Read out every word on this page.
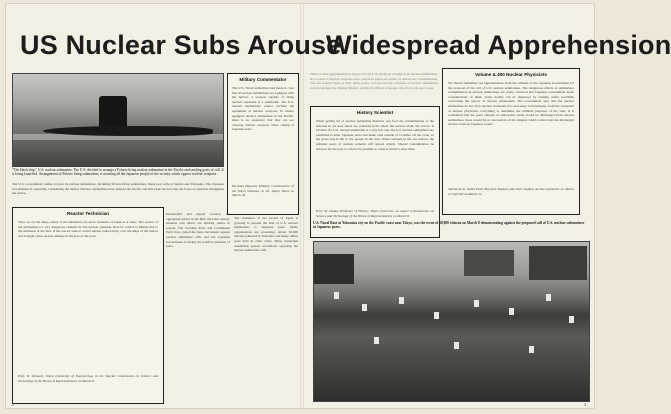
US Nuclear Subs Arouse
Widespread Apprehension
"The black ship," U.S. nuclear submarine. The U.S. decided to arrange a Polaris-firing nuclear submarine in the Pacific and sending ports of call. It is being launched. Arrangement of Polaris-firing submarines is arousing all the Japanese people of the vicinity which oppose nuclear weapons.
The U.S. Government wishes to have its nuclear submarines, including Polaris-firing submarines, make port calls at Sasebo and Yokosuka. The Japanese Government is reportedly considering the matter. Nuclear submarines have entered the Pacific and this issue has become the focus of attention throughout the nation.
Military Commentator
The U.S. Naval authorities had made it clear that all nuclear submarines are equipped with the Subroc, a weapon capable of firing nuclear warheads at a submarine. The U.S. nuclear submarines cannot exclude the equipment of nuclear weapons. To ensure equipped nuclear submarines in the Pacific, there is no assurance that they are not carrying nuclear weapons when calling at Japanese ports.
Kiyosaki Hayashi, Military Commentator of the Tokyo Shimbun, in the Japan Times on March 26.
Reactor Technician
Since we by the ships, safety of the submarine for those residents of Japan is at stake. The reactor of the submarine is a very dangerous element for the nuclear situation. Reactor control is limited due to the thickness of the hull. If the reactor leaks it would release radioactivity over the ships of the harbor and it might cause serious damage in the area of the ports.
Prof. W. Ishiwari, Tokyo University of Engineering, in the Special Commission on Science and Technology of the House of Representatives on March 8.
Dissatisfied and deeply worried, the opposition parties in the Diet, the labor unions, students and others are holding rallies in protest. The Socialist Party and Communist Party have joined the mass movement against nuclear submarine calls and the Japanese Government is facing the political question of ports.
The resistance of the people of Japan is growing to prevent the visit of U.S. nuclear submarines to Japanese ports. Many organizations are protesting. About 30,000 citizens gathered at Yokosuka and many rallies were held in other cities. Many municipal assemblies passed resolutions opposing the nuclear submarine calls.
History Scientist
When getting rid of nuclear submarine material, you face the contamination of the material in all such shoes are scattered from where the nuclear plant, the reactor is located. If a U.S. nuclear submarine is a very fast one, the U.S. nuclear submarines are permitted to enter Japanese ports and make calls outside of 12 miles off the coast, so the grave risk is left to the people in the area. When released in the sea surface, the polluted pools of nuclear remains will spread widely. Should contamination be allowed for the port, it will not be possible to clean it within a short time.
Prof. M. Okada, Professor of History, Tokyo University, an expert Commissioner on Science and Technology of the House of Representatives on March 8.
There is wide apprehension in Japan over the U.S. proposal to bring in its nuclear submarines. As a result of nuclear weapons tests, people in Japan are aware of radioactive contamination. The sea around Japan is their main source of food and the presence of nuclear submarines would endanger the fishing industry and the livelihood of people who live in the port areas.
Volume & 400 Nuclear Physicists
We should remember our apprehensions from the refusals of the Japanese Government for the proposal of the call of U.S. nuclear submarines. The dangerous effects of submarines contamination in nuclear submarines are pretty obscured and Japanese Government made considerations of them. Some doubts can be dispersed by relating safety problems concerning the reactor of nuclear submarines. The Government says that the nuclear submarines do not carry nuclear warheads. It is necessary to investigate, from the viewpoint of nuclear physicists, everything to determine the ultimate purposes of the visit. It is considered that the great amount of radioactive waste would be discharged from nuclear submarines, there would be no prevention of the dangers which come from the discharged nuclear waste in Japanese waters.
Statement by Nobel Prize Physicist Yukawa and other leading nuclear physicists on March 27 and 400 on March 22.
U.S. Naval Base at Yokosuka city on the Pacific coast near Tokyo, was the scene of 30,000 citizens on March 8 demonstrating against the proposed call of U.S. nuclear submarines at Japanese ports.
2	3
